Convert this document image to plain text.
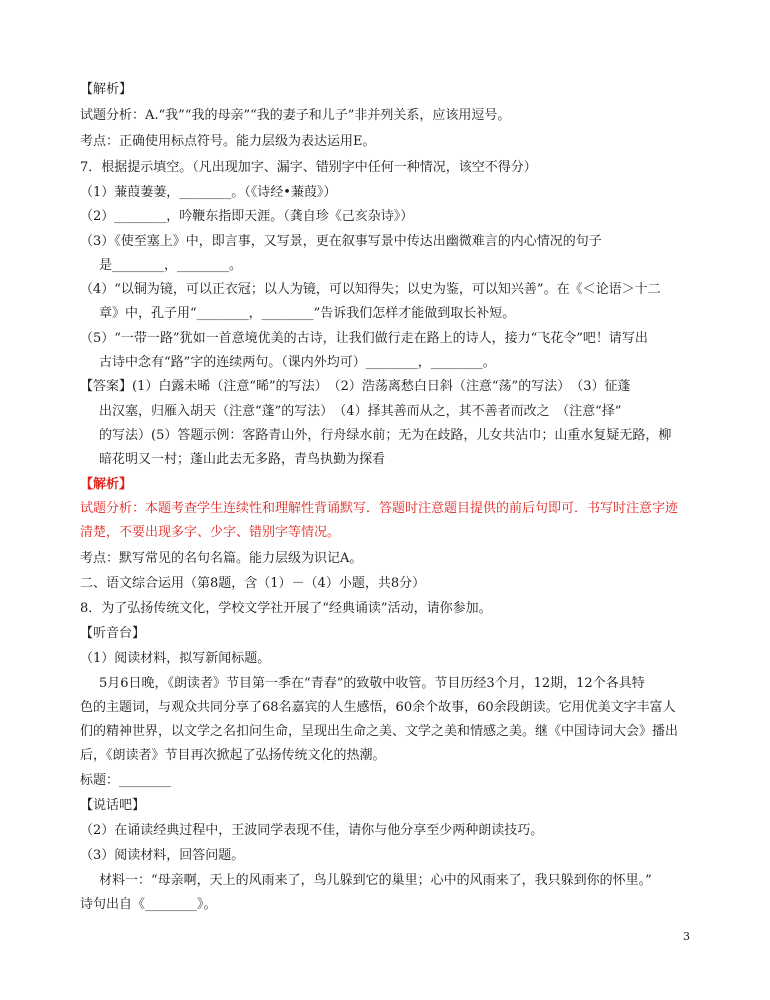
【解析】
试题分析：A.“我”“我的母亲”“我的妻子和儿子”非并列关系，应该用逗号。
考点：正确使用标点符号。能力层级为表达运用E。
7．根据提示填空。（凡出现加字、漏字、错别字中任何一种情况，该空不得分）
（1）蒹葭萋萋，________。（《诗经•蒹葭》）
（2）________，吟鞭东指即天涯。（龚自珍《己亥杂诗》）
（3）《使至塞上》中，即言事，又写景，更在叙事写景中传达出幽微难言的内心情况的句子
是________，________。
（4）“以铜为镜，可以正衣冠；以人为镜，可以知得失；以史为鉴，可以知兴善”。在《＜论语＞十二
章》中，孔子用“________，________”告诉我们怎样才能做到取长补短。
（5）“一带一路”犹如一首意境优美的古诗，让我们做行走在路上的诗人，接力“飞花令”吧！请写出
古诗中念有“路”字的连续两句。（课内外均可）________，________。
【答案】(1）白露未晞（注意“晞”的写法）　（2）浩荡离愁白日斜（注意“荡”的写法）　（3）征蓬
出汉塞，归雁入胡天（注意“蓬”的写法）　（4）择其善而从之，其不善者而改之　（注意“择”
的写法）(5）答题示例：客路青山外，行舟绿水前；无为在歧路，儿女共沾巾；山重水复疑无路，柳
暗花明又一村；蓬山此去无多路，青鸟执勤为探看
【解析】
试题分析：本题考查学生连续性和理解性背诵默写．答题时注意题目提供的前后句即可．书写时注意字迹
清楚，不要出现多字、少字、错别字等情况。
考点：默写常见的名句名篇。能力层级为识记A。
二、语文综合运用（第8题，含（1）－（4）小题，共8分）
8．为了弘扬传统文化，学校文学社开展了“经典诵读”活动，请你参加。
【听音台】
（1）阅读材料，拟写新闻标题。
5月6日晚，《朗读者》节目第一季在“青春”的致敬中收管。节目历经3个月，12期，12个各具特
色的主题词，与观众共同分享了68名嘉宾的人生感悟，60余个故事，60余段朗读。它用优美文字丰富人
们的精神世界，以文学之名扣问生命，呈现出生命之美、文学之美和情感之美。继《中国诗词大会》播出
后，《朗读者》节目再次掀起了弘扬传统文化的热潮。
标题：________
【说话吧】
（2）在诵读经典过程中，王波同学表现不佳，请你与他分享至少两种朗读技巧。
（3）阅读材料，回答问题。
材料一：“母亲啊，天上的风雨来了，鸟儿躲到它的巢里；心中的风雨来了，我只躲到你的怀里。”
诗句出自《________》。
3
